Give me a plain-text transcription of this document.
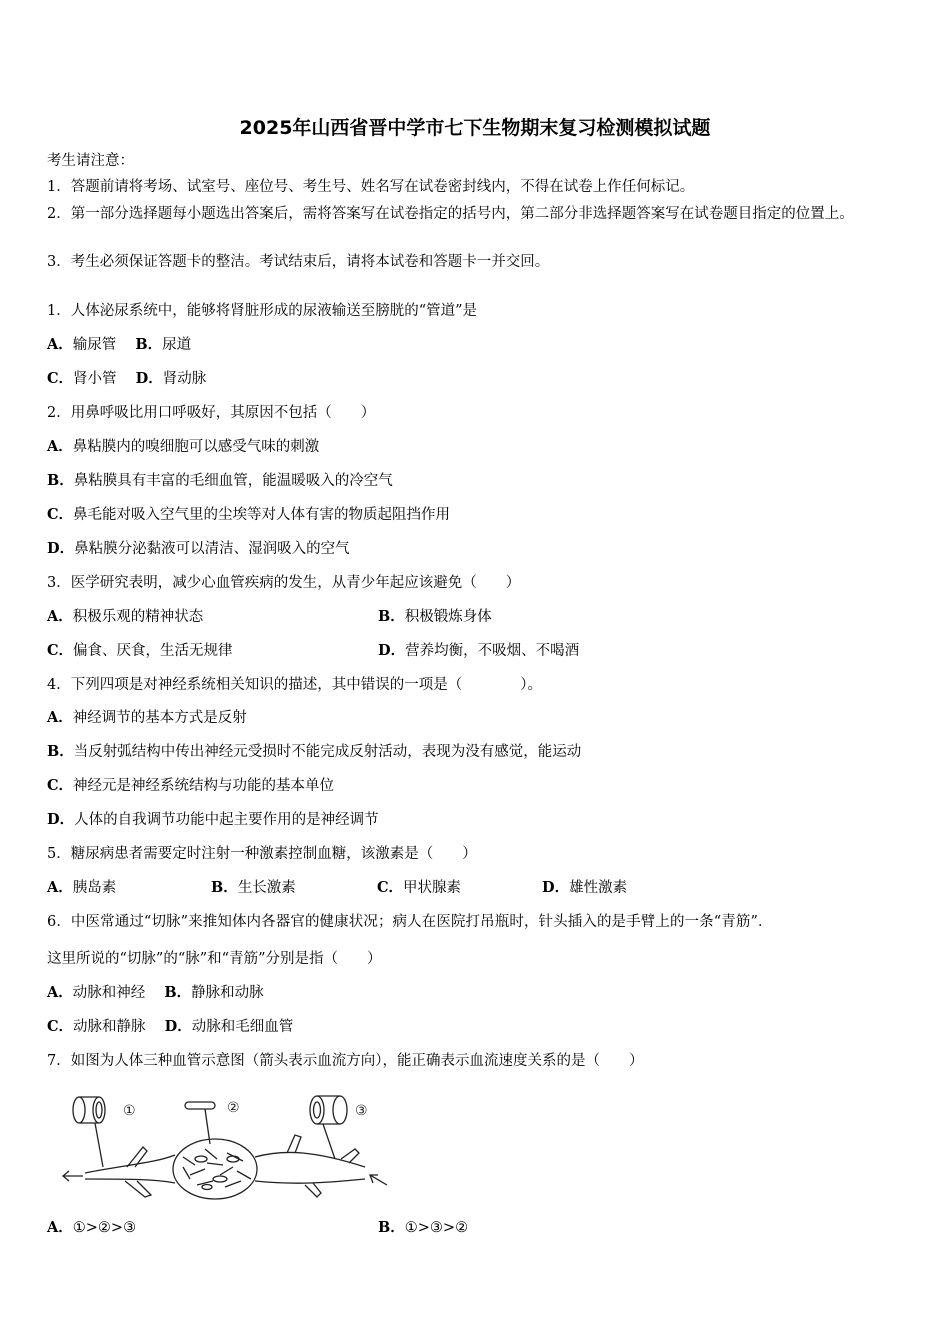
2025年山西省晋中学市七下生物期末复习检测模拟试题
考生请注意：
1．答题前请将考场、试室号、座位号、考生号、姓名写在试卷密封线内，不得在试卷上作任何标记。
2．第一部分选择题每小题选出答案后，需将答案写在试卷指定的括号内，第二部分非选择题答案写在试卷题目指定的位置上。
3．考生必须保证答题卡的整洁。考试结束后，请将本试卷和答题卡一并交回。
1．人体泌尿系统中，能够将肾脏形成的尿液输送至膀胱的“管道”是
A．输尿管　 B．尿道
C．肾小管　 D．肾动脉
2．用鼻呼吸比用口呼吸好，其原因不包括（　　）
A．鼻粘膜内的嗅细胞可以感受气味的刺激
B．鼻粘膜具有丰富的毛细血管，能温暖吸入的冷空气
C．鼻毛能对吸入空气里的尘埃等对人体有害的物质起阻挡作用
D．鼻粘膜分泌黏液可以清洁、湿润吸入的空气
3．医学研究表明，减少心血管疾病的发生，从青少年起应该避免（　　）
A．积极乐观的精神状态	B．积极锻炼身体
C．偏食、厌食，生活无规律	D．营养均衡，不吸烟、不喝酒
4．下列四项是对神经系统相关知识的描述，其中错误的一项是（　　　　）。
A．神经调节的基本方式是反射
B．当反射弧结构中传出神经元受损时不能完成反射活动，表现为没有感觉，能运动
C．神经元是神经系统结构与功能的基本单位
D．人体的自我调节功能中起主要作用的是神经调节
5．糖尿病患者需要定时注射一种激素控制血糖，该激素是（　　）
A．胰岛素	B．生长激素	C．甲状腺素	D．雄性激素
6．中医常通过“切脉”来推知体内各器官的健康状况；病人在医院打吊瓶时，针头插入的是手臂上的一条“青筋”．
这里所说的“切脉”的“脉”和“青筋”分别是指（　　）
A．动脉和神经　 B．静脉和动脉
C．动脉和静脉　 D．动脉和毛细血管
7．如图为人体三种血管示意图（箭头表示血流方向），能正确表示血流速度关系的是（　　）
①	②	③
A．①>②>③	B．①>③>②
